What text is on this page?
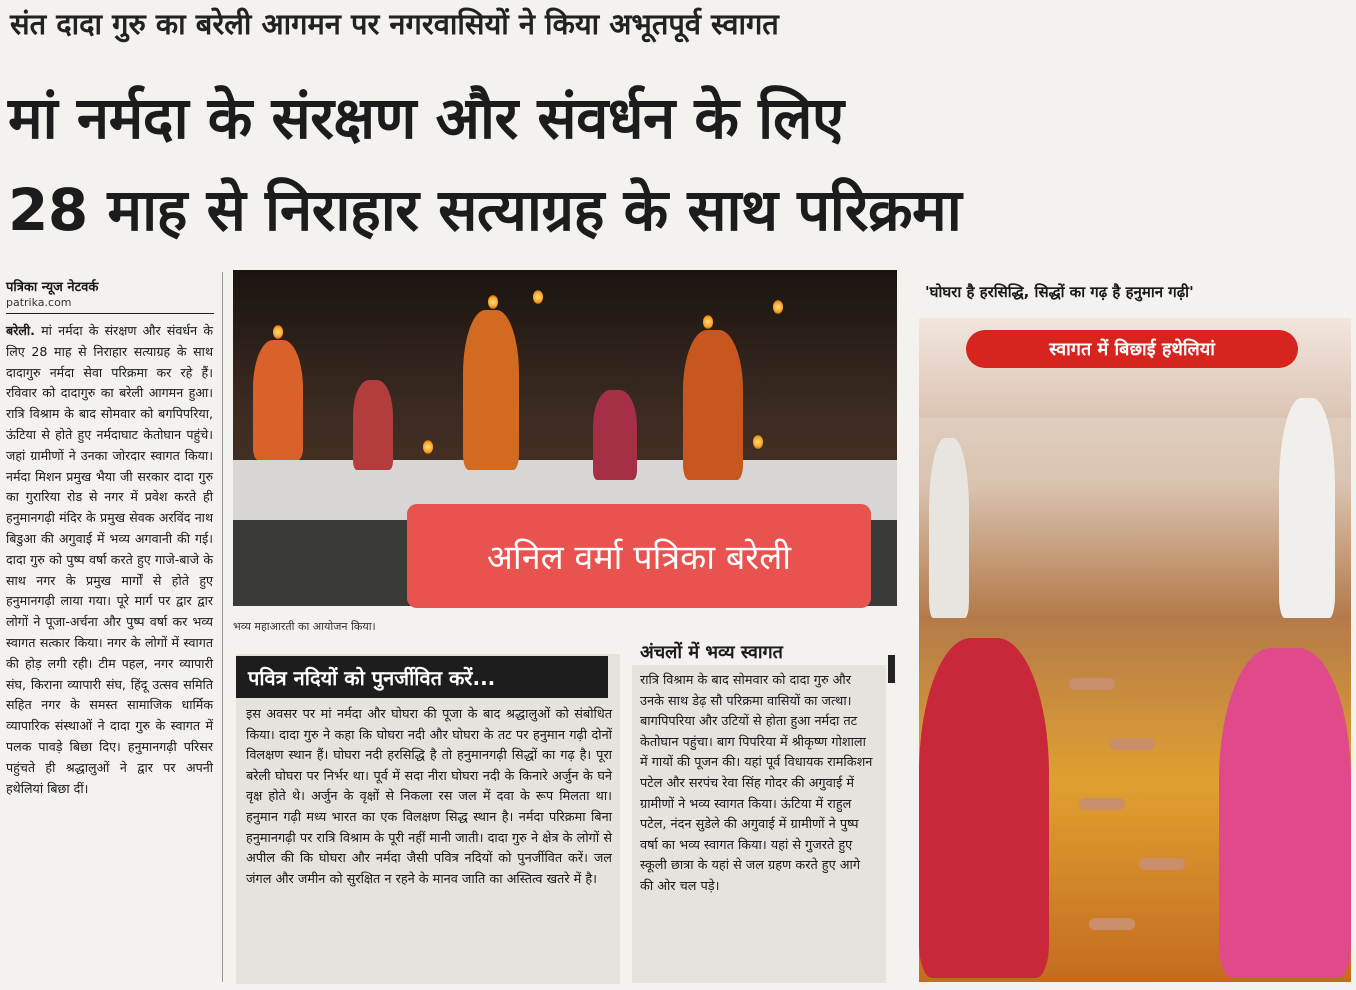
संत दादा गुरु का बरेली आगमन पर नगरवासियों ने किया अभूतपूर्व स्वागत
मां नर्मदा के संरक्षण और संवर्धन के लिए
28 माह से निराहार सत्याग्रह के साथ परिक्रमा
पत्रिका न्यूज नेटवर्क
patrika.com
बरेली. मां नर्मदा के संरक्षण और संवर्धन के लिए 28 माह से निराहार सत्याग्रह के साथ दादागुरु नर्मदा सेवा परिक्रमा कर रहे हैं। रविवार को दादागुरु का बरेली आगमन हुआ। रात्रि विश्राम के बाद सोमवार को बगपिपरिया, ऊंटिया से होते हुए नर्मदाघाट केतोघान पहुंचे। जहां ग्रामीणों ने उनका जोरदार स्वागत किया। नर्मदा मिशन प्रमुख भैया जी सरकार दादा गुरु का गुरारिया रोड से नगर में प्रवेश करते ही हनुमानगढ़ी मंदिर के प्रमुख सेवक अरविंद नाथ बिडुआ की अगुवाई में भव्य अगवानी की गई। दादा गुरु को पुष्प वर्षा करते हुए गाजे-बाजे के साथ नगर के प्रमुख मार्गों से होते हुए हनुमानगढ़ी लाया गया। पूरे मार्ग पर द्वार द्वार लोगों ने पूजा-अर्चना और पुष्प वर्षा कर भव्य स्वागत सत्कार किया। नगर के लोगों में स्वागत की होड़ लगी रही। टीम पहल, नगर व्यापारी संघ, किराना व्यापारी संघ, हिंदू उत्सव समिति सहित नगर के समस्त सामाजिक धार्मिक व्यापारिक संस्थाओं ने दादा गुरु के स्वागत में पलक पावड़े बिछा दिए। हनुमानगढ़ी परिसर पहुंचते ही श्रद्धालुओं ने द्वार पर अपनी हथेलियां बिछा दीं।
अनिल वर्मा पत्रिका बरेली
भव्य महाआरती का आयोजन किया।
'घोघरा है हरसिद्धि, सिद्धों का गढ़ है हनुमान गढ़ी'
स्वागत में बिछाई हथेलियां
पवित्र नदियों को पुनर्जीवित करें...
इस अवसर पर मां नर्मदा और घोघरा की पूजा के बाद श्रद्धालुओं को संबोधित किया। दादा गुरु ने कहा कि घोघरा नदी और घोघरा के तट पर हनुमान गढ़ी दोनों विलक्षण स्थान हैं। घोघरा नदी हरसिद्धि है तो हनुमानगढ़ी सिद्धों का गढ़ है। पूरा बरेली घोघरा पर निर्भर था। पूर्व में सदा नीरा घोघरा नदी के किनारे अर्जुन के घने वृक्ष होते थे। अर्जुन के वृक्षों से निकला रस जल में दवा के रूप मिलता था। हनुमान गढ़ी मध्य भारत का एक विलक्षण सिद्ध स्थान है। नर्मदा परिक्रमा बिना हनुमानगढ़ी पर रात्रि विश्राम के पूरी नहीं मानी जाती। दादा गुरु ने क्षेत्र के लोगों से अपील की कि घोघरा और नर्मदा जैसी पवित्र नदियों को पुनर्जीवित करें। जल जंगल और जमीन को सुरक्षित न रहने के मानव जाति का अस्तित्व खतरे में है।
अंचलों में भव्य स्वागत
रात्रि विश्राम के बाद सोमवार को दादा गुरु और उनके साथ डेढ़ सौ परिक्रमा वासियों का जत्था। बागपिपरिया और उटियों से होता हुआ नर्मदा तट केतोघान पहुंचा। बाग पिपरिया में श्रीकृष्ण गोशाला में गायों की पूजन की। यहां पूर्व विधायक रामकिशन पटेल और सरपंच रेवा सिंह गोदर की अगुवाई में ग्रामीणों ने भव्य स्वागत किया। ऊंटिया में राहुल पटेल, नंदन सुडेले की अगुवाई में ग्रामीणों ने पुष्प वर्षा का भव्य स्वागत किया। यहां से गुजरते हुए स्कूली छात्रा के यहां से जल ग्रहण करते हुए आगे की ओर चल पड़े।
